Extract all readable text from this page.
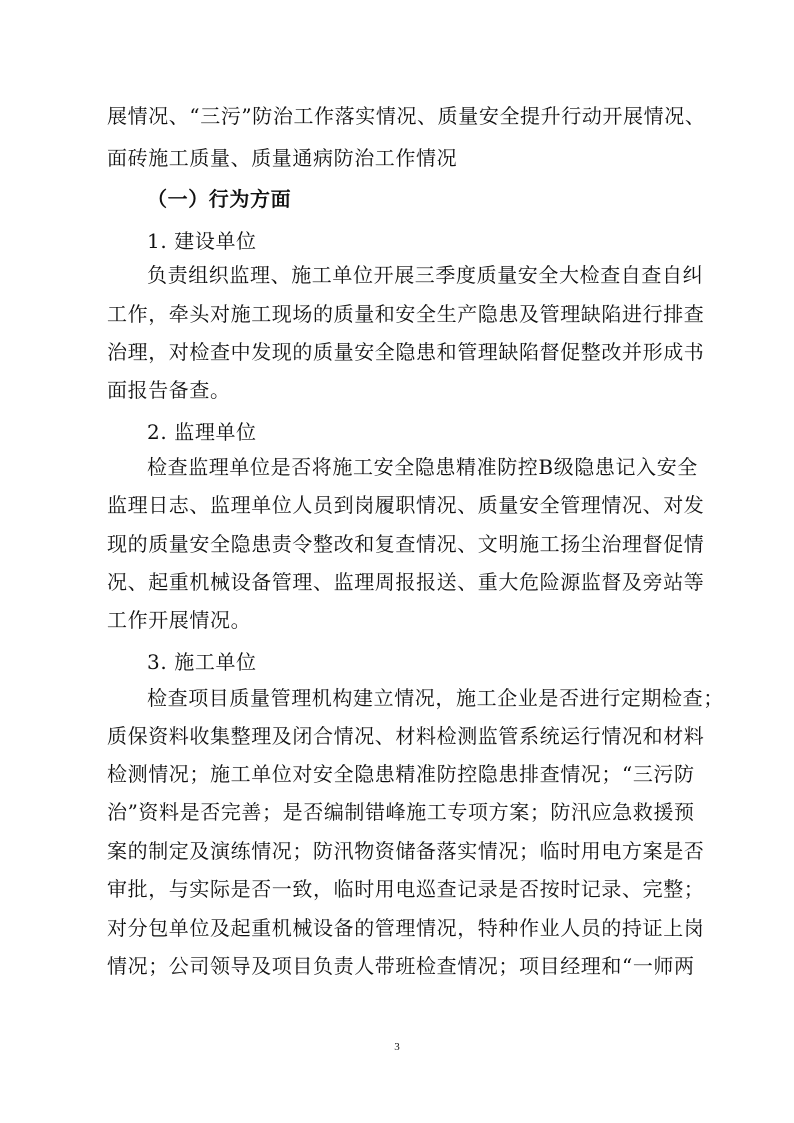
展情况、“三污”防治工作落实情况、质量安全提升行动开展情况、
面砖施工质量、质量通病防治工作情况
（一）行为方面
1. 建设单位
负责组织监理、施工单位开展三季度质量安全大检查自查自纠
工作，牵头对施工现场的质量和安全生产隐患及管理缺陷进行排查
治理，对检查中发现的质量安全隐患和管理缺陷督促整改并形成书
面报告备查。
2. 监理单位
检查监理单位是否将施工安全隐患精准防控B级隐患记入安全
监理日志、监理单位人员到岗履职情况、质量安全管理情况、对发
现的质量安全隐患责令整改和复查情况、文明施工扬尘治理督促情
况、起重机械设备管理、监理周报报送、重大危险源监督及旁站等
工作开展情况。
3. 施工单位
检查项目质量管理机构建立情况，施工企业是否进行定期检查；
质保资料收集整理及闭合情况、材料检测监管系统运行情况和材料
检测情况；施工单位对安全隐患精准防控隐患排查情况；“三污防
治”资料是否完善；是否编制错峰施工专项方案；防汛应急救援预
案的制定及演练情况；防汛物资储备落实情况；临时用电方案是否
审批，与实际是否一致，临时用电巡查记录是否按时记录、完整；
对分包单位及起重机械设备的管理情况，特种作业人员的持证上岗
情况；公司领导及项目负责人带班检查情况；项目经理和“一师两
3
